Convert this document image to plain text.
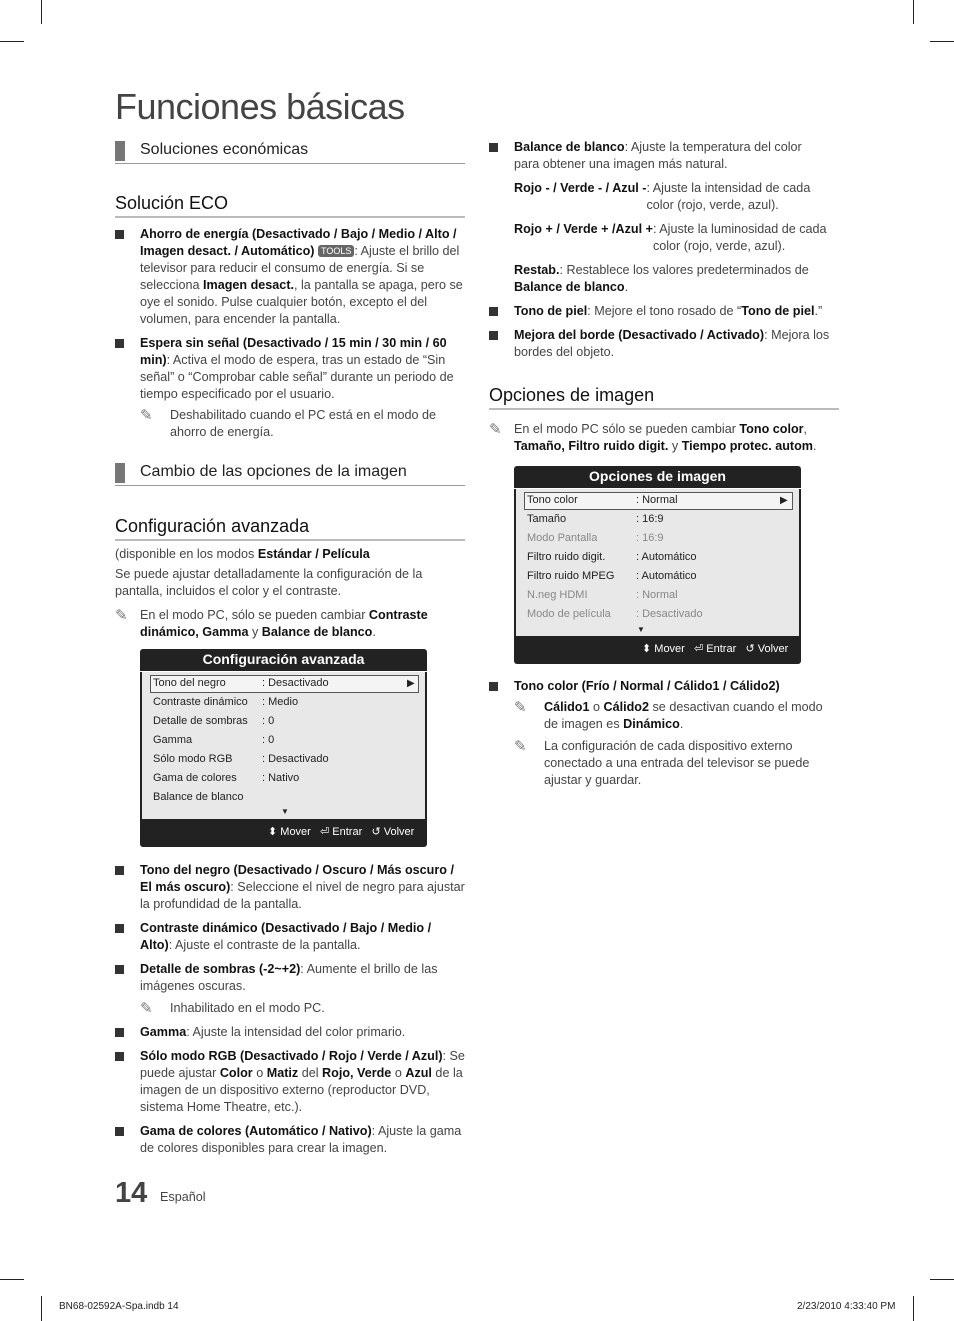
Funciones básicas
Soluciones económicas
Solución ECO
Ahorro de energía (Desactivado / Bajo / Medio / Alto / Imagen desact. / Automático) TOOLS : Ajuste el brillo del televisor para reducir el consumo de energía. Si se selecciona Imagen desact., la pantalla se apaga, pero se oye el sonido. Pulse cualquier botón, excepto el del volumen, para encender la pantalla.
Espera sin señal (Desactivado / 15 min / 30 min / 60 min): Activa el modo de espera, tras un estado de “Sin señal” o “Comprobar cable señal” durante un periodo de tiempo especificado por el usuario.
✎ Deshabilitado cuando el PC está en el modo de ahorro de energía.
Cambio de las opciones de la imagen
Configuración avanzada
(disponible en los modos Estándar / Película
Se puede ajustar detalladamente la configuración de la pantalla, incluidos el color y el contraste.
✎ En el modo PC, sólo se pueden cambiar Contraste dinámico, Gamma y Balance de blanco.
Configuración avanzada
▶
Tono del negro	: Desactivado
Contraste dinámico : Medio
Detalle de sombras : 0
Gamma	: 0
Sólo modo RGB	: Desactivado
Gama de colores : Nativo
Balance de blanco
▼
⬍ Mover ⏎ Entrar ↺ Volver
Tono del negro (Desactivado / Oscuro / Más oscuro / El más oscuro): Seleccione el nivel de negro para ajustar la profundidad de la pantalla.
Contraste dinámico (Desactivado / Bajo / Medio / Alto): Ajuste el contraste de la pantalla.
Detalle de sombras (-2~+2): Aumente el brillo de las imágenes oscuras.
✎ Inhabilitado en el modo PC.
Gamma: Ajuste la intensidad del color primario.
Sólo modo RGB (Desactivado / Rojo / Verde / Azul): Se puede ajustar Color o Matiz del Rojo, Verde o Azul de la imagen de un dispositivo externo (reproductor DVD, sistema Home Theatre, etc.).
Gama de colores (Automático / Nativo): Ajuste la gama de colores disponibles para crear la imagen.
14 Español
Balance de blanco: Ajuste la temperatura del color para obtener una imagen más natural.
Rojo - / Verde - / Azul -: Ajuste la intensidad de cada color (rojo, verde, azul).
Rojo + / Verde + /Azul +: Ajuste la luminosidad de cada color (rojo, verde, azul).
Restab.: Restablece los valores predeterminados de Balance de blanco.
Tono de piel: Mejore el tono rosado de “Tono de piel.”
Mejora del borde (Desactivado / Activado): Mejora los bordes del objeto.
Opciones de imagen
✎ En el modo PC sólo se pueden cambiar Tono color, Tamaño, Filtro ruido digit. y Tiempo protec. autom.
Opciones de imagen
▶
Tono color	: Normal
Tamaño	: 16:9
Modo Pantalla	: 16:9
Filtro ruido digit.	: Automático
Filtro ruido MPEG : Automático
N.neg HDMI	: Normal
Modo de película : Desactivado
▼
⬍ Mover ⏎ Entrar ↺ Volver
Tono color (Frío / Normal / Cálido1 / Cálido2)
✎ Cálido1 o Cálido2 se desactivan cuando el modo de imagen es Dinámico.
✎ La configuración de cada dispositivo externo conectado a una entrada del televisor se puede ajustar y guardar.
BN68-02592A-Spa.indb 14	2/23/2010 4:33:40 PM
